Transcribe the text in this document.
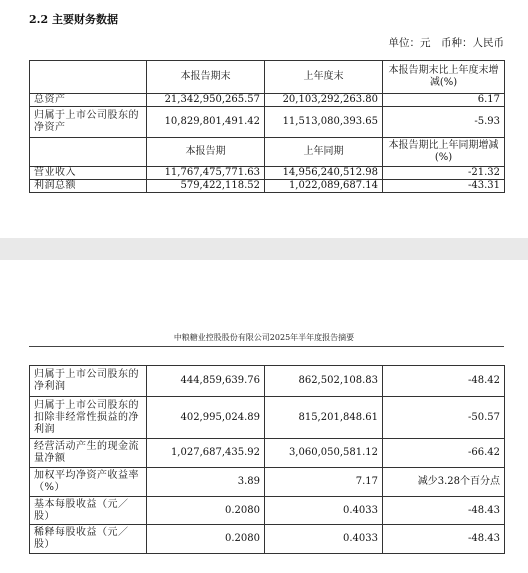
2.2 主要财务数据
单位：元　币种：人民币
	本报告期末	上年度末	本报告期末比上年度末增减(%)
总资产	21,342,950,265.57	20,103,292,263.80	6.17
归属于上市公司股东的净资产	10,829,801,491.42	11,513,080,393.65	-5.93
	本报告期	上年同期	本报告期比上年同期增减(%)
营业收入	11,767,475,771.63	14,956,240,512.98	-21.32
利润总额	579,422,118.52	1,022,089,687.14	-43.31
中粮糖业控股股份有限公司2025年半年度报告摘要
归属于上市公司股东的净利润	444,859,639.76	862,502,108.83	-48.42
归属于上市公司股东的扣除非经常性损益的净利润	402,995,024.89	815,201,848.61	-50.57
经营活动产生的现金流量净额	1,027,687,435.92	3,060,050,581.12	-66.42
加权平均净资产收益率（%）	3.89	7.17	减少3.28个百分点
基本每股收益（元／股）	0.2080	0.4033	-48.43
稀释每股收益（元／股）	0.2080	0.4033	-48.43
